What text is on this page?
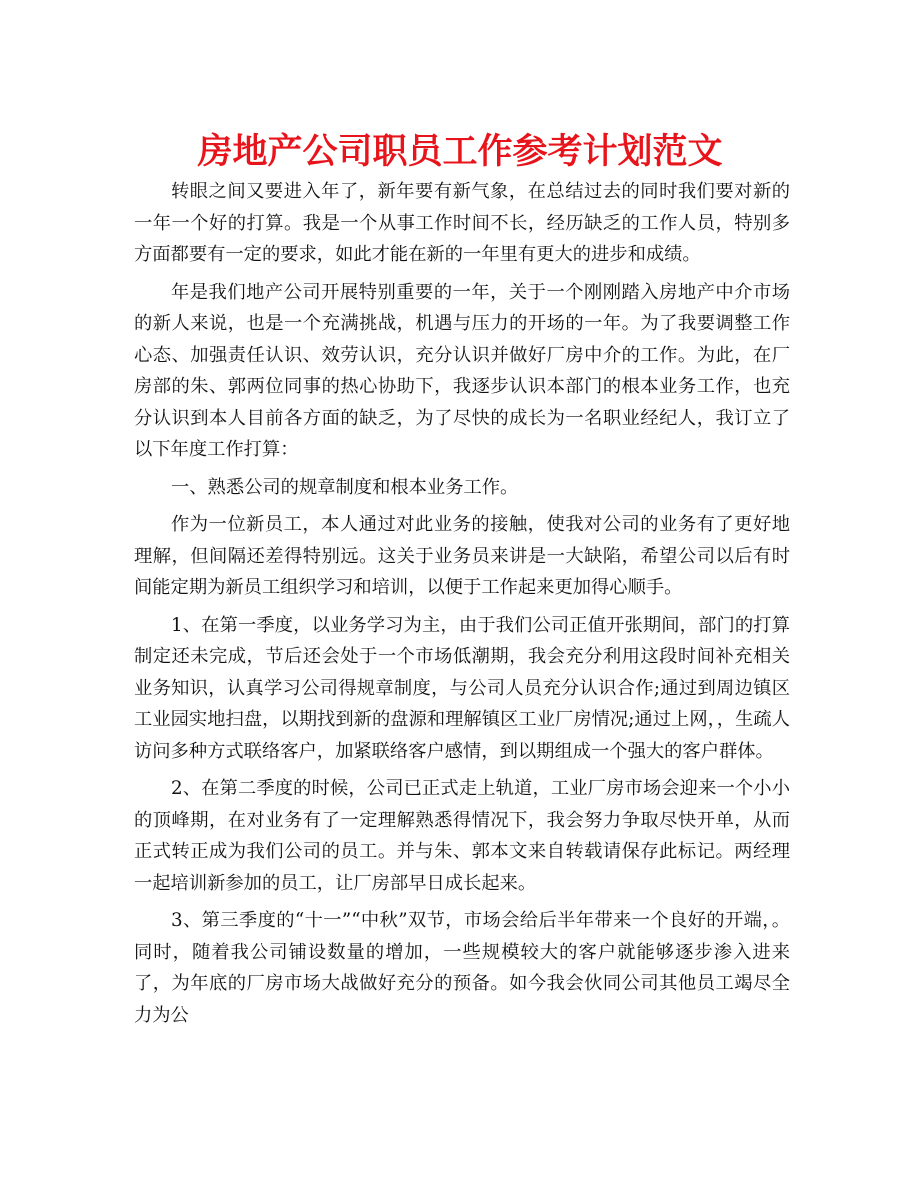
房地产公司职员工作参考计划范文

转眼之间又要进入年了，新年要有新气象，在总结过去的同时我们要对新的一年一个好的打算。我是一个从事工作时间不长，经历缺乏的工作人员，特别多方面都要有一定的要求，如此才能在新的一年里有更大的进步和成绩。

年是我们地产公司开展特别重要的一年，关于一个刚刚踏入房地产中介市场的新人来说，也是一个充满挑战，机遇与压力的开场的一年。为了我要调整工作心态、加强责任认识、效劳认识，充分认识并做好厂房中介的工作。为此，在厂房部的朱、郭两位同事的热心协助下，我逐步认识本部门的根本业务工作，也充分认识到本人目前各方面的缺乏，为了尽快的成长为一名职业经纪人，我订立了以下年度工作打算：

一、熟悉公司的规章制度和根本业务工作。

作为一位新员工，本人通过对此业务的接触，使我对公司的业务有了更好地理解，但间隔还差得特别远。这关于业务员来讲是一大缺陷，希望公司以后有时间能定期为新员工组织学习和培训，以便于工作起来更加得心顺手。

1、在第一季度，以业务学习为主，由于我们公司正值开张期间，部门的打算制定还未完成，节后还会处于一个市场低潮期，我会充分利用这段时间补充相关业务知识，认真学习公司得规章制度，与公司人员充分认识合作;通过到周边镇区工业园实地扫盘，以期找到新的盘源和理解镇区工业厂房情况;通过上网，，生疏人访问多种方式联络客户，加紧联络客户感情，到以期组成一个强大的客户群体。

2、在第二季度的时候，公司已正式走上轨道，工业厂房市场会迎来一个小小的顶峰期，在对业务有了一定理解熟悉得情况下，我会努力争取尽快开单，从而正式转正成为我们公司的员工。并与朱、郭本文来自转载请保存此标记。两经理一起培训新参加的员工，让厂房部早日成长起来。

3、第三季度的“十一”“中秋”双节，市场会给后半年带来一个良好的开端，。同时，随着我公司铺设数量的增加，一些规模较大的客户就能够逐步渗入进来了，为年底的厂房市场大战做好充分的预备。如今我会伙同公司其他员工竭尽全力为公
